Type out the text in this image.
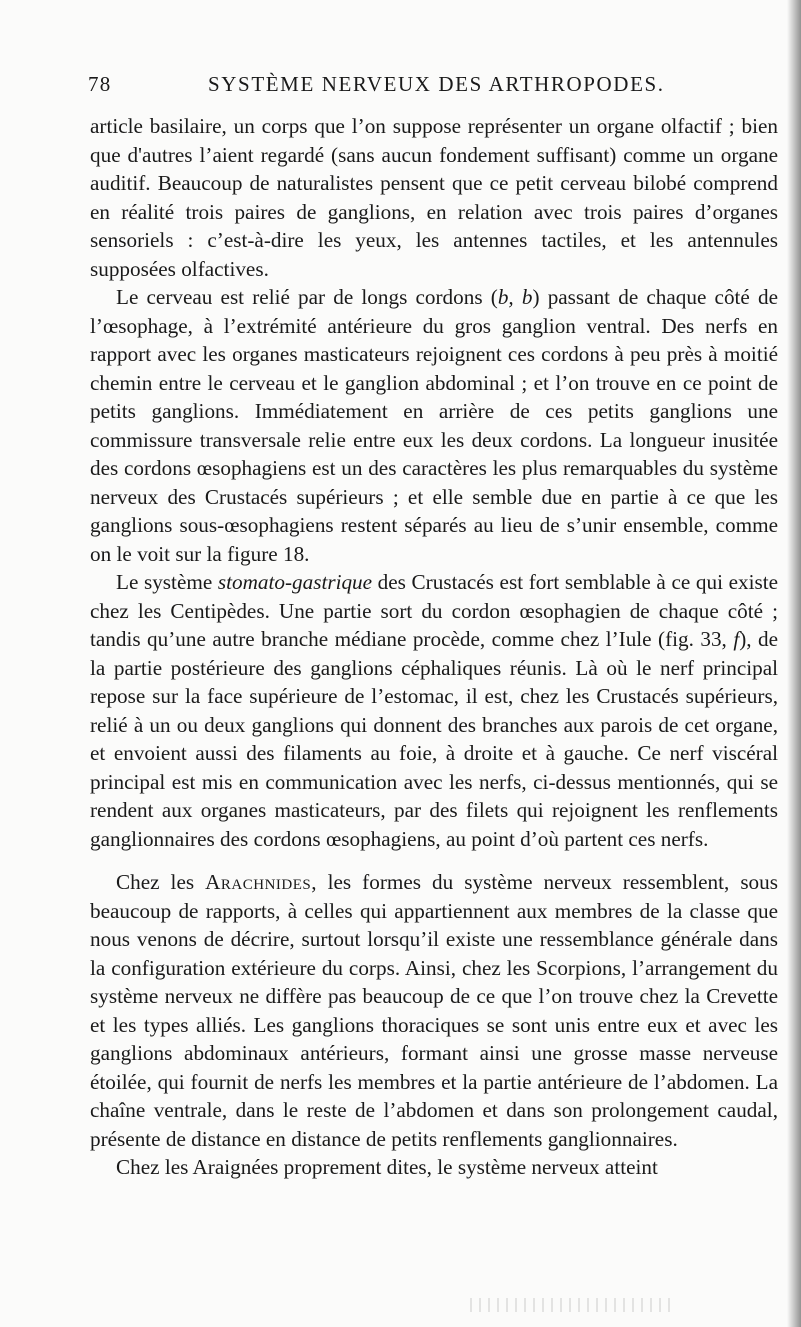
78	SYSTÈME NERVEUX DES ARTHROPODES.

article basilaire, un corps que l’on suppose représenter un organe olfactif ; bien que d'autres l’aient regardé (sans aucun fondement suffisant) comme un organe auditif. Beaucoup de naturalistes pensent que ce petit cerveau bilobé comprend en réalité trois paires de ganglions, en relation avec trois paires d’organes sensoriels : c’est-à-dire les yeux, les antennes tactiles, et les antennules supposées olfactives.

Le cerveau est relié par de longs cordons (b, b) passant de chaque côté de l’œsophage, à l’extrémité antérieure du gros ganglion ventral. Des nerfs en rapport avec les organes masticateurs rejoignent ces cordons à peu près à moitié chemin entre le cerveau et le ganglion abdominal ; et l’on trouve en ce point de petits ganglions. Immédiatement en arrière de ces petits ganglions une commissure transversale relie entre eux les deux cordons. La longueur inusitée des cordons œsophagiens est un des caractères les plus remarquables du système nerveux des Crustacés supérieurs ; et elle semble due en partie à ce que les ganglions sous-œsophagiens restent séparés au lieu de s’unir ensemble, comme on le voit sur la figure 18.

Le système stomato-gastrique des Crustacés est fort semblable à ce qui existe chez les Centipèdes. Une partie sort du cordon œsophagien de chaque côté ; tandis qu’une autre branche médiane procède, comme chez l’Iule (fig. 33, f), de la partie postérieure des ganglions céphaliques réunis. Là où le nerf principal repose sur la face supérieure de l’estomac, il est, chez les Crustacés supérieurs, relié à un ou deux ganglions qui donnent des branches aux parois de cet organe, et envoient aussi des filaments au foie, à droite et à gauche. Ce nerf viscéral principal est mis en communication avec les nerfs, ci-dessus mentionnés, qui se rendent aux organes masticateurs, par des filets qui rejoignent les renflements ganglionnaires des cordons œsophagiens, au point d’où partent ces nerfs.

Chez les Arachnides, les formes du système nerveux ressemblent, sous beaucoup de rapports, à celles qui appartiennent aux membres de la classe que nous venons de décrire, surtout lorsqu’il existe une ressemblance générale dans la configuration extérieure du corps. Ainsi, chez les Scorpions, l’arrangement du système nerveux ne diffère pas beaucoup de ce que l’on trouve chez la Crevette et les types alliés. Les ganglions thoraciques se sont unis entre eux et avec les ganglions abdominaux antérieurs, formant ainsi une grosse masse nerveuse étoilée, qui fournit de nerfs les membres et la partie antérieure de l’abdomen. La chaîne ventrale, dans le reste de l’abdomen et dans son prolongement caudal, présente de distance en distance de petits renflements ganglionnaires.

Chez les Araignées proprement dites, le système nerveux atteint
